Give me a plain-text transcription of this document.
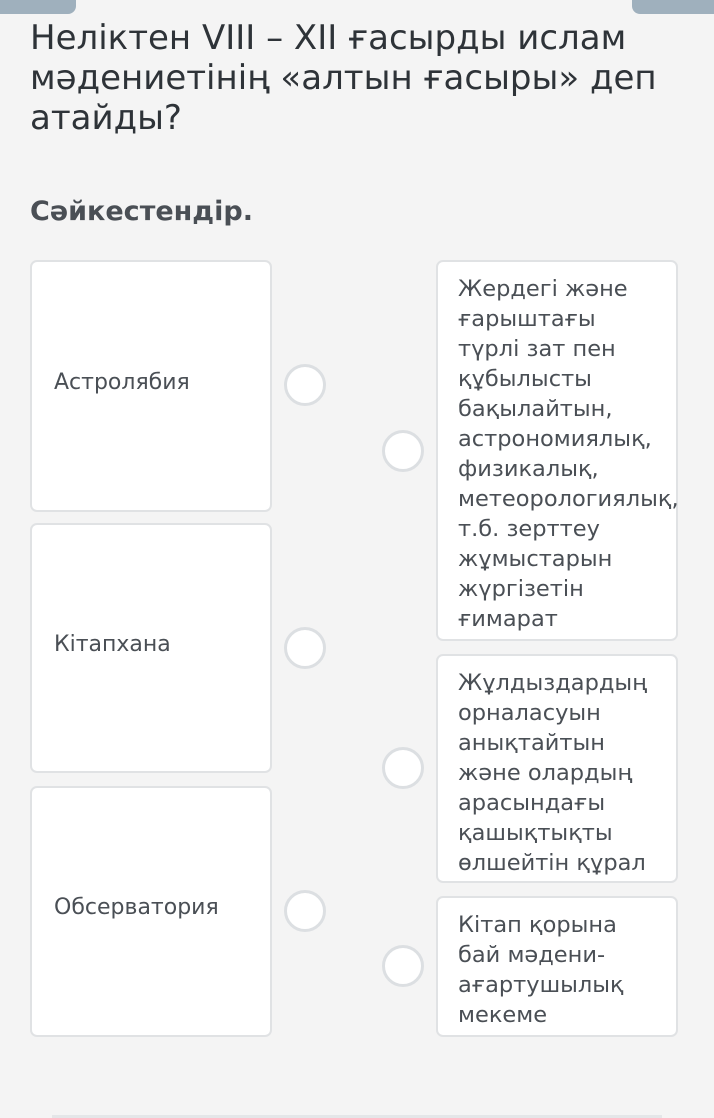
Неліктен VIII – XII ғасырды ислам мәдениетінің «алтын ғасыры» деп атайды?
Сәйкестендір.
Астролябия
Кітапхана
Обсерватория
Жердегі және ғарыштағы түрлі зат пен құбылысты бақылайтын, астрономиялық, физикалық, метеорологиялық, т.б. зерттеу жұмыстарын жүргізетін ғимарат
Жұлдыздардың орналасуын анықтайтын және олардың арасындағы қашықтықты өлшейтін құрал
Кітап қорына бай мәдени-ағартушылық мекеме
